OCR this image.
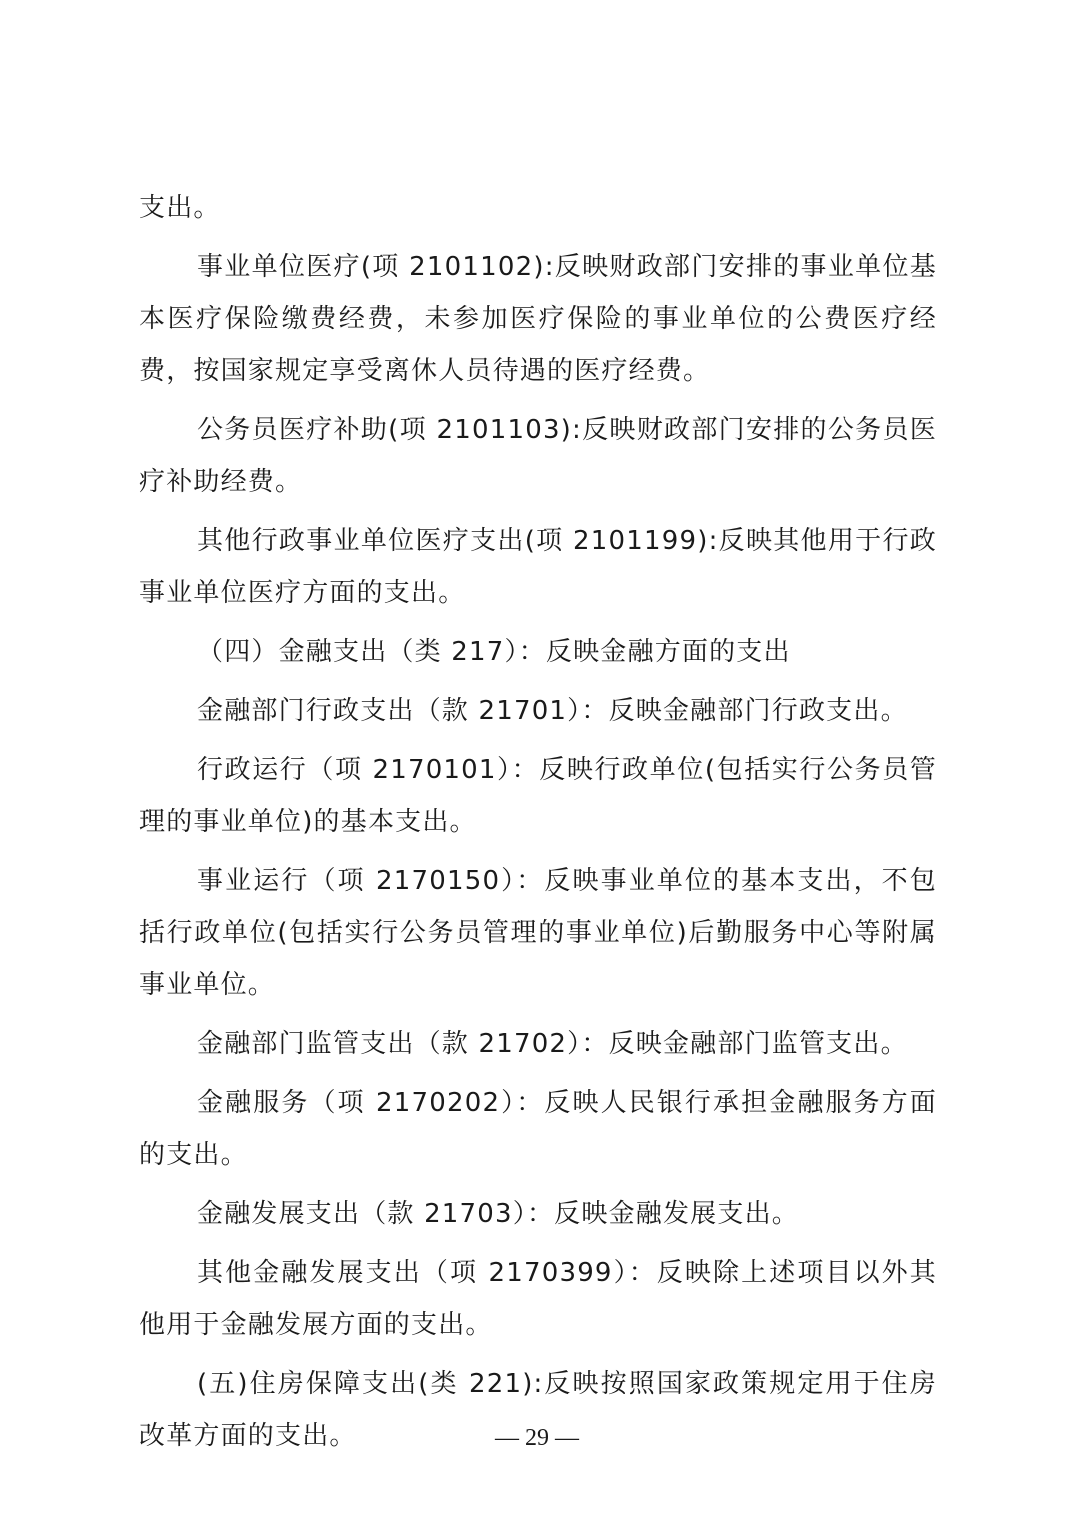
支出。

事业单位医疗(项 2101102):反映财政部门安排的事业单位基本医疗保险缴费经费，未参加医疗保险的事业单位的公费医疗经费，按国家规定享受离休人员待遇的医疗经费。

公务员医疗补助(项 2101103):反映财政部门安排的公务员医疗补助经费。

其他行政事业单位医疗支出(项 2101199):反映其他用于行政事业单位医疗方面的支出。

（四）金融支出（类 217）：反映金融方面的支出

金融部门行政支出（款 21701）：反映金融部门行政支出。

行政运行（项 2170101）：反映行政单位(包括实行公务员管理的事业单位)的基本支出。

事业运行（项 2170150）：反映事业单位的基本支出，不包括行政单位(包括实行公务员管理的事业单位)后勤服务中心等附属事业单位。

金融部门监管支出（款 21702）：反映金融部门监管支出。

金融服务（项 2170202）：反映人民银行承担金融服务方面的支出。

金融发展支出（款 21703）：反映金融发展支出。

其他金融发展支出（项 2170399）：反映除上述项目以外其他用于金融发展方面的支出。

(五)住房保障支出(类 221):反映按照国家政策规定用于住房改革方面的支出。	— 29 —
